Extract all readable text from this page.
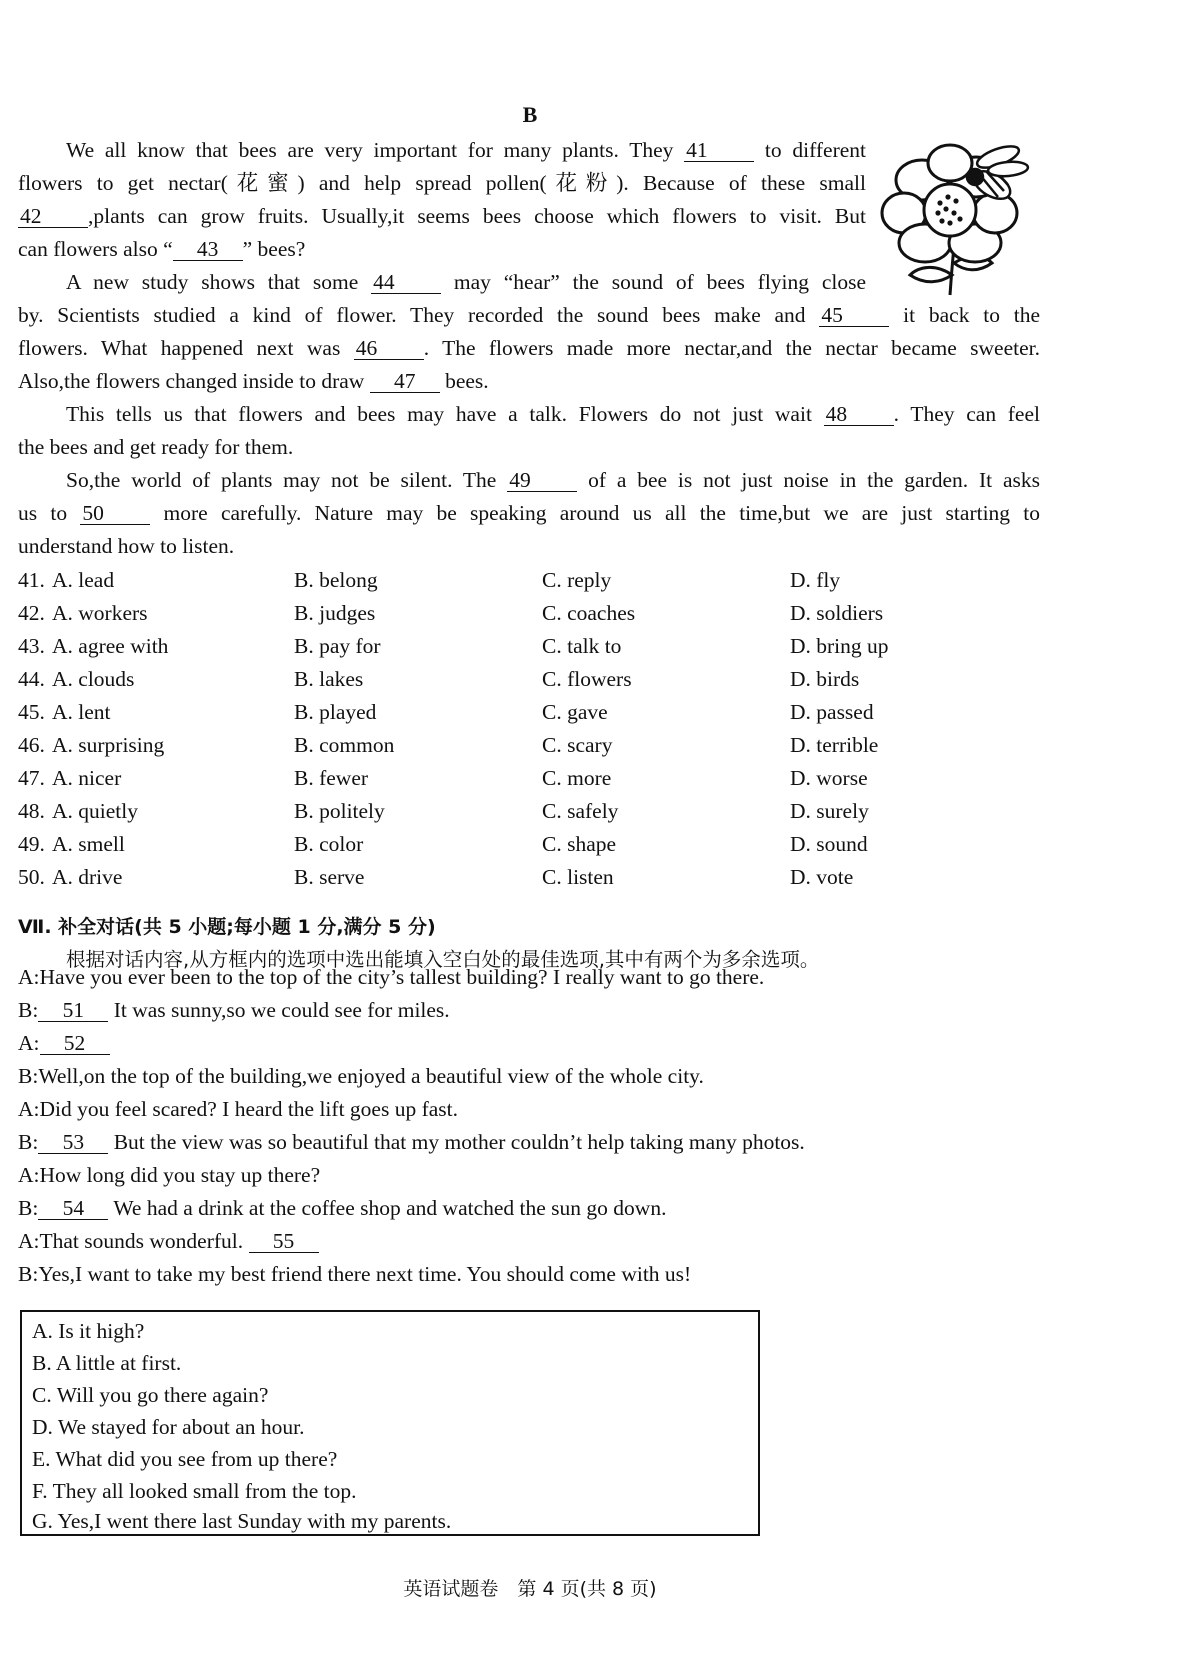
B
We all know that bees are very important for many plants. They 41	to different
flowers to get nectar(花蜜) and help spread pollen(花粉). Because of these small
42 ,plants can grow fruits. Usually,it seems bees choose which flowers to visit. But
can flowers also “ 43 ” bees?
A new study shows that some 44	may “hear” the sound of bees flying close
by. Scientists studied a kind of flower. They recorded the sound bees make and 45	it back to the
flowers. What happened next was 46 . The flowers made more nectar,and the nectar became sweeter.
Also,the flowers changed inside to draw 47 bees.
This tells us that flowers and bees may have a talk. Flowers do not just wait 48 . They can feel
the bees and get ready for them.
So,the world of plants may not be silent. The 49	of a bee is not just noise in the garden. It asks
us to 50	more carefully. Nature may be speaking around us all the time,but we are just starting to
understand how to listen.
41. A. lead	B. belong	C. reply	D. fly
42. A. workers	B. judges	C. coaches	D. soldiers
43. A. agree with	B. pay for	C. talk to	D. bring up
44. A. clouds	B. lakes	C. flowers	D. birds
45. A. lent	B. played	C. gave	D. passed
46. A. surprising	B. common	C. scary	D. terrible
47. A. nicer	B. fewer	C. more	D. worse
48. A. quietly	B. politely	C. safely	D. surely
49. A. smell	B. color	C. shape	D. sound
50. A. drive	B. serve	C. listen	D. vote
Ⅶ. 补全对话(共 5 小题;每小题 1 分,满分 5 分)
根据对话内容,从方框内的选项中选出能填入空白处的最佳选项,其中有两个为多余选项。
A:Have you ever been to the top of the city’s tallest building? I really want to go there.
B: 51 It was sunny,so we could see for miles.
A: 52
B:Well,on the top of the building,we enjoyed a beautiful view of the whole city.
A:Did you feel scared? I heard the lift goes up fast.
B: 53 But the view was so beautiful that my mother couldn’t help taking many photos.
A:How long did you stay up there?
B: 54 We had a drink at the coffee shop and watched the sun go down.
A:That sounds wonderful. 55
B:Yes,I want to take my best friend there next time. You should come with us!
A. Is it high?
B. A little at first.
C. Will you go there again?
D. We stayed for about an hour.
E. What did you see from up there?
F. They all looked small from the top.
G. Yes,I went there last Sunday with my parents.
英语试题卷　第 4 页(共 8 页)
